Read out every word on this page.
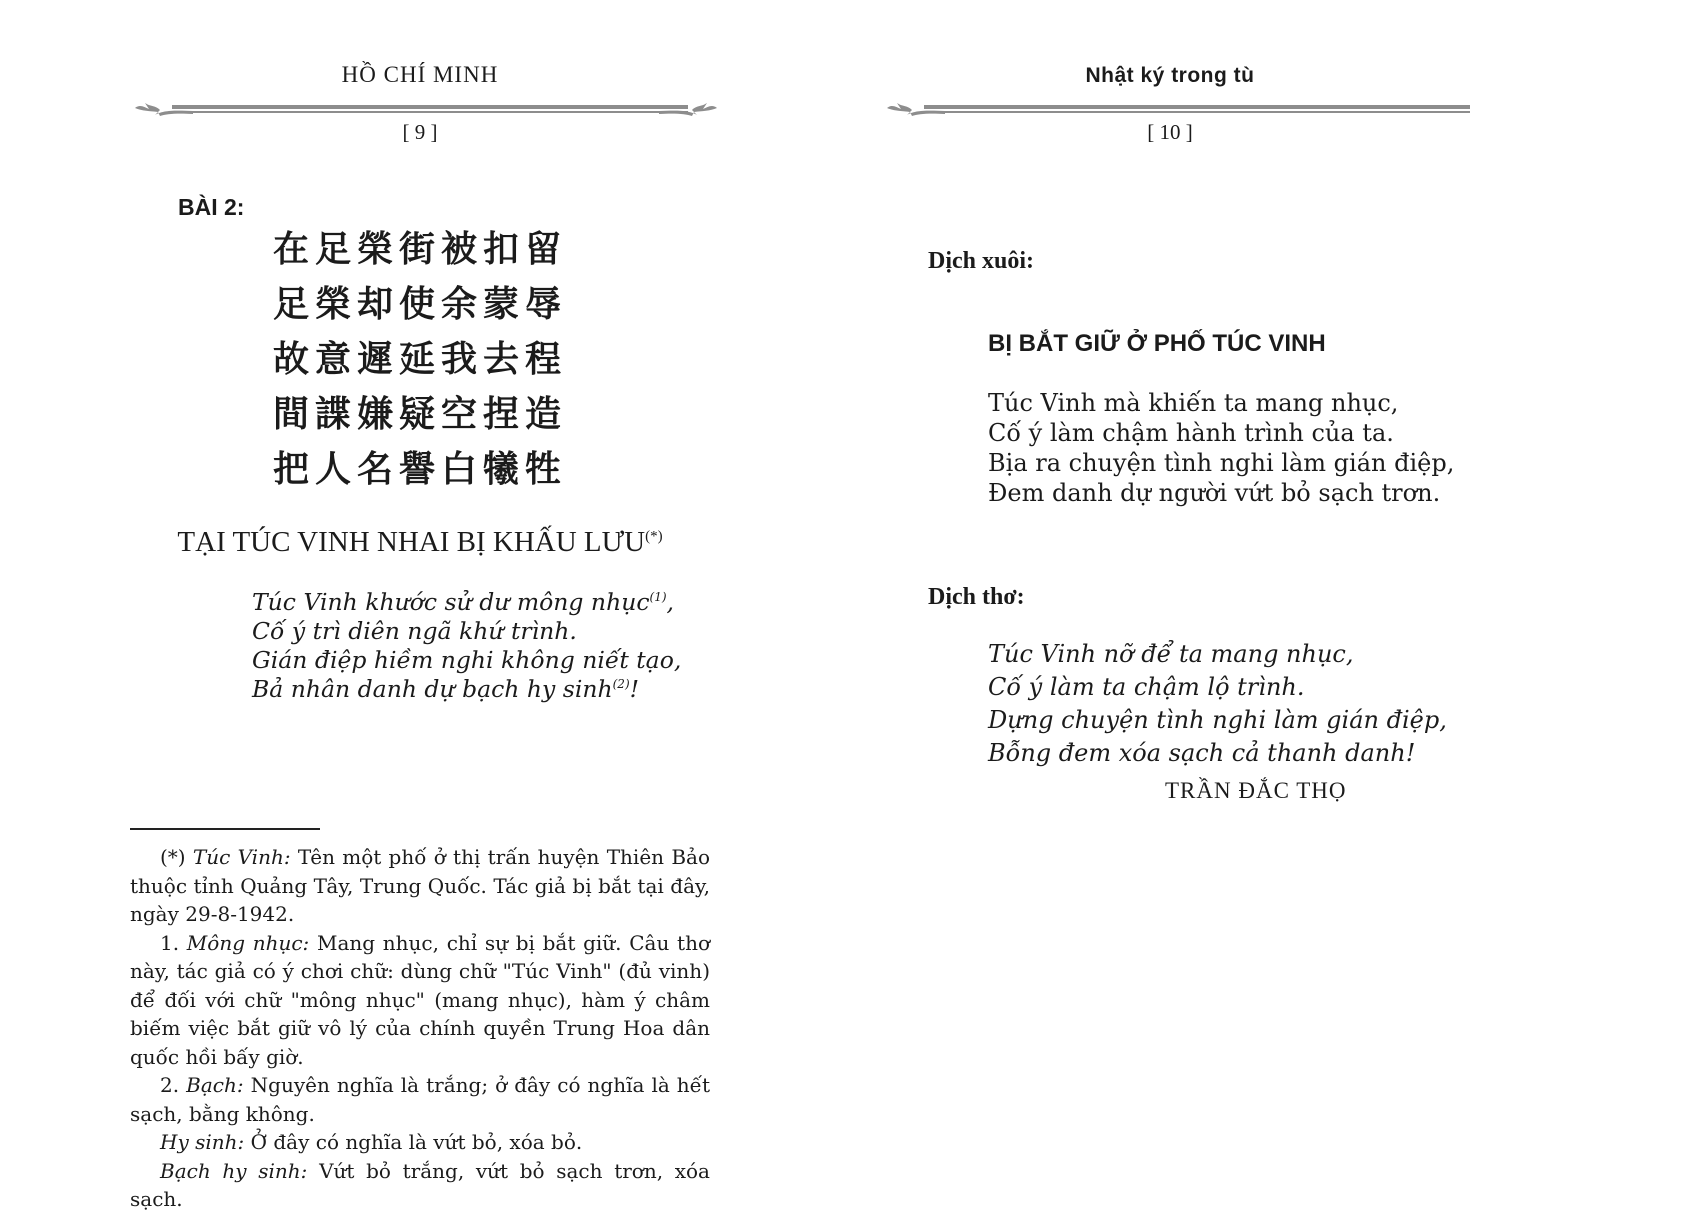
HỒ CHÍ MINH
[ 9 ]
BÀI 2:
在足榮街被扣留
足榮却使余蒙辱
故意遲延我去程
間諜嫌疑空捏造
把人名譽白犧牲
TẠI TÚC VINH NHAI BỊ KHẤU LƯU(*)
Túc Vinh khước sử dư mông nhục$^{(1)}$,
Cố ý trì diên ngã khứ trình.
Gián điệp hiềm nghi không niết tạo,
Bả nhân danh dự bạch hy $\sinh^{(2)}$!

(*) Túc Vinh: Tên một phố ở thị trấn huyện Thiên Bảo thuộc tỉnh Quảng Tây, Trung Quốc. Tác giả bị bắt tại đây, ngày 29-8-1942.

1. Mông nhục: Mang nhục, chỉ sự bị bắt giữ. Câu thơ này, tác giả có ý chơi chữ: dùng chữ "Túc Vinh" (đủ vinh) để đối với chữ "mông nhục" (mang nhục), hàm ý châm biếm việc bắt giữ vô lý của chính quyền Trung Hoa dân quốc hồi bấy giờ.

2. Bạch: Nguyên nghĩa là trắng; ở đây có nghĩa là hết sạch, bằng không.

Hy sinh: Ở đây có nghĩa là vứt bỏ, xóa bỏ.

Bạch hy sinh: Vứt bỏ trắng, vứt bỏ sạch trơn, xóa sạch.

Nhật ký trong tù
[ 10 ]
Dịch xuôi:
BỊ BẮT GIỮ Ở PHỐ TÚC VINH
Túc Vinh mà khiến ta mang nhục,
Cố ý làm chậm hành trình của ta.
Bịa ra chuyện tình nghi làm gián điệp,
Đem danh dự người vứt bỏ sạch trơn.
Dịch thơ:
Túc Vinh nỡ để ta mang nhục,
Cố ý làm ta chậm lộ trình.
Dựng chuyện tình nghi làm gián điệp,
Bỗng đem xóa sạch cả thanh danh!
TRẦN ĐẮC THỌ
